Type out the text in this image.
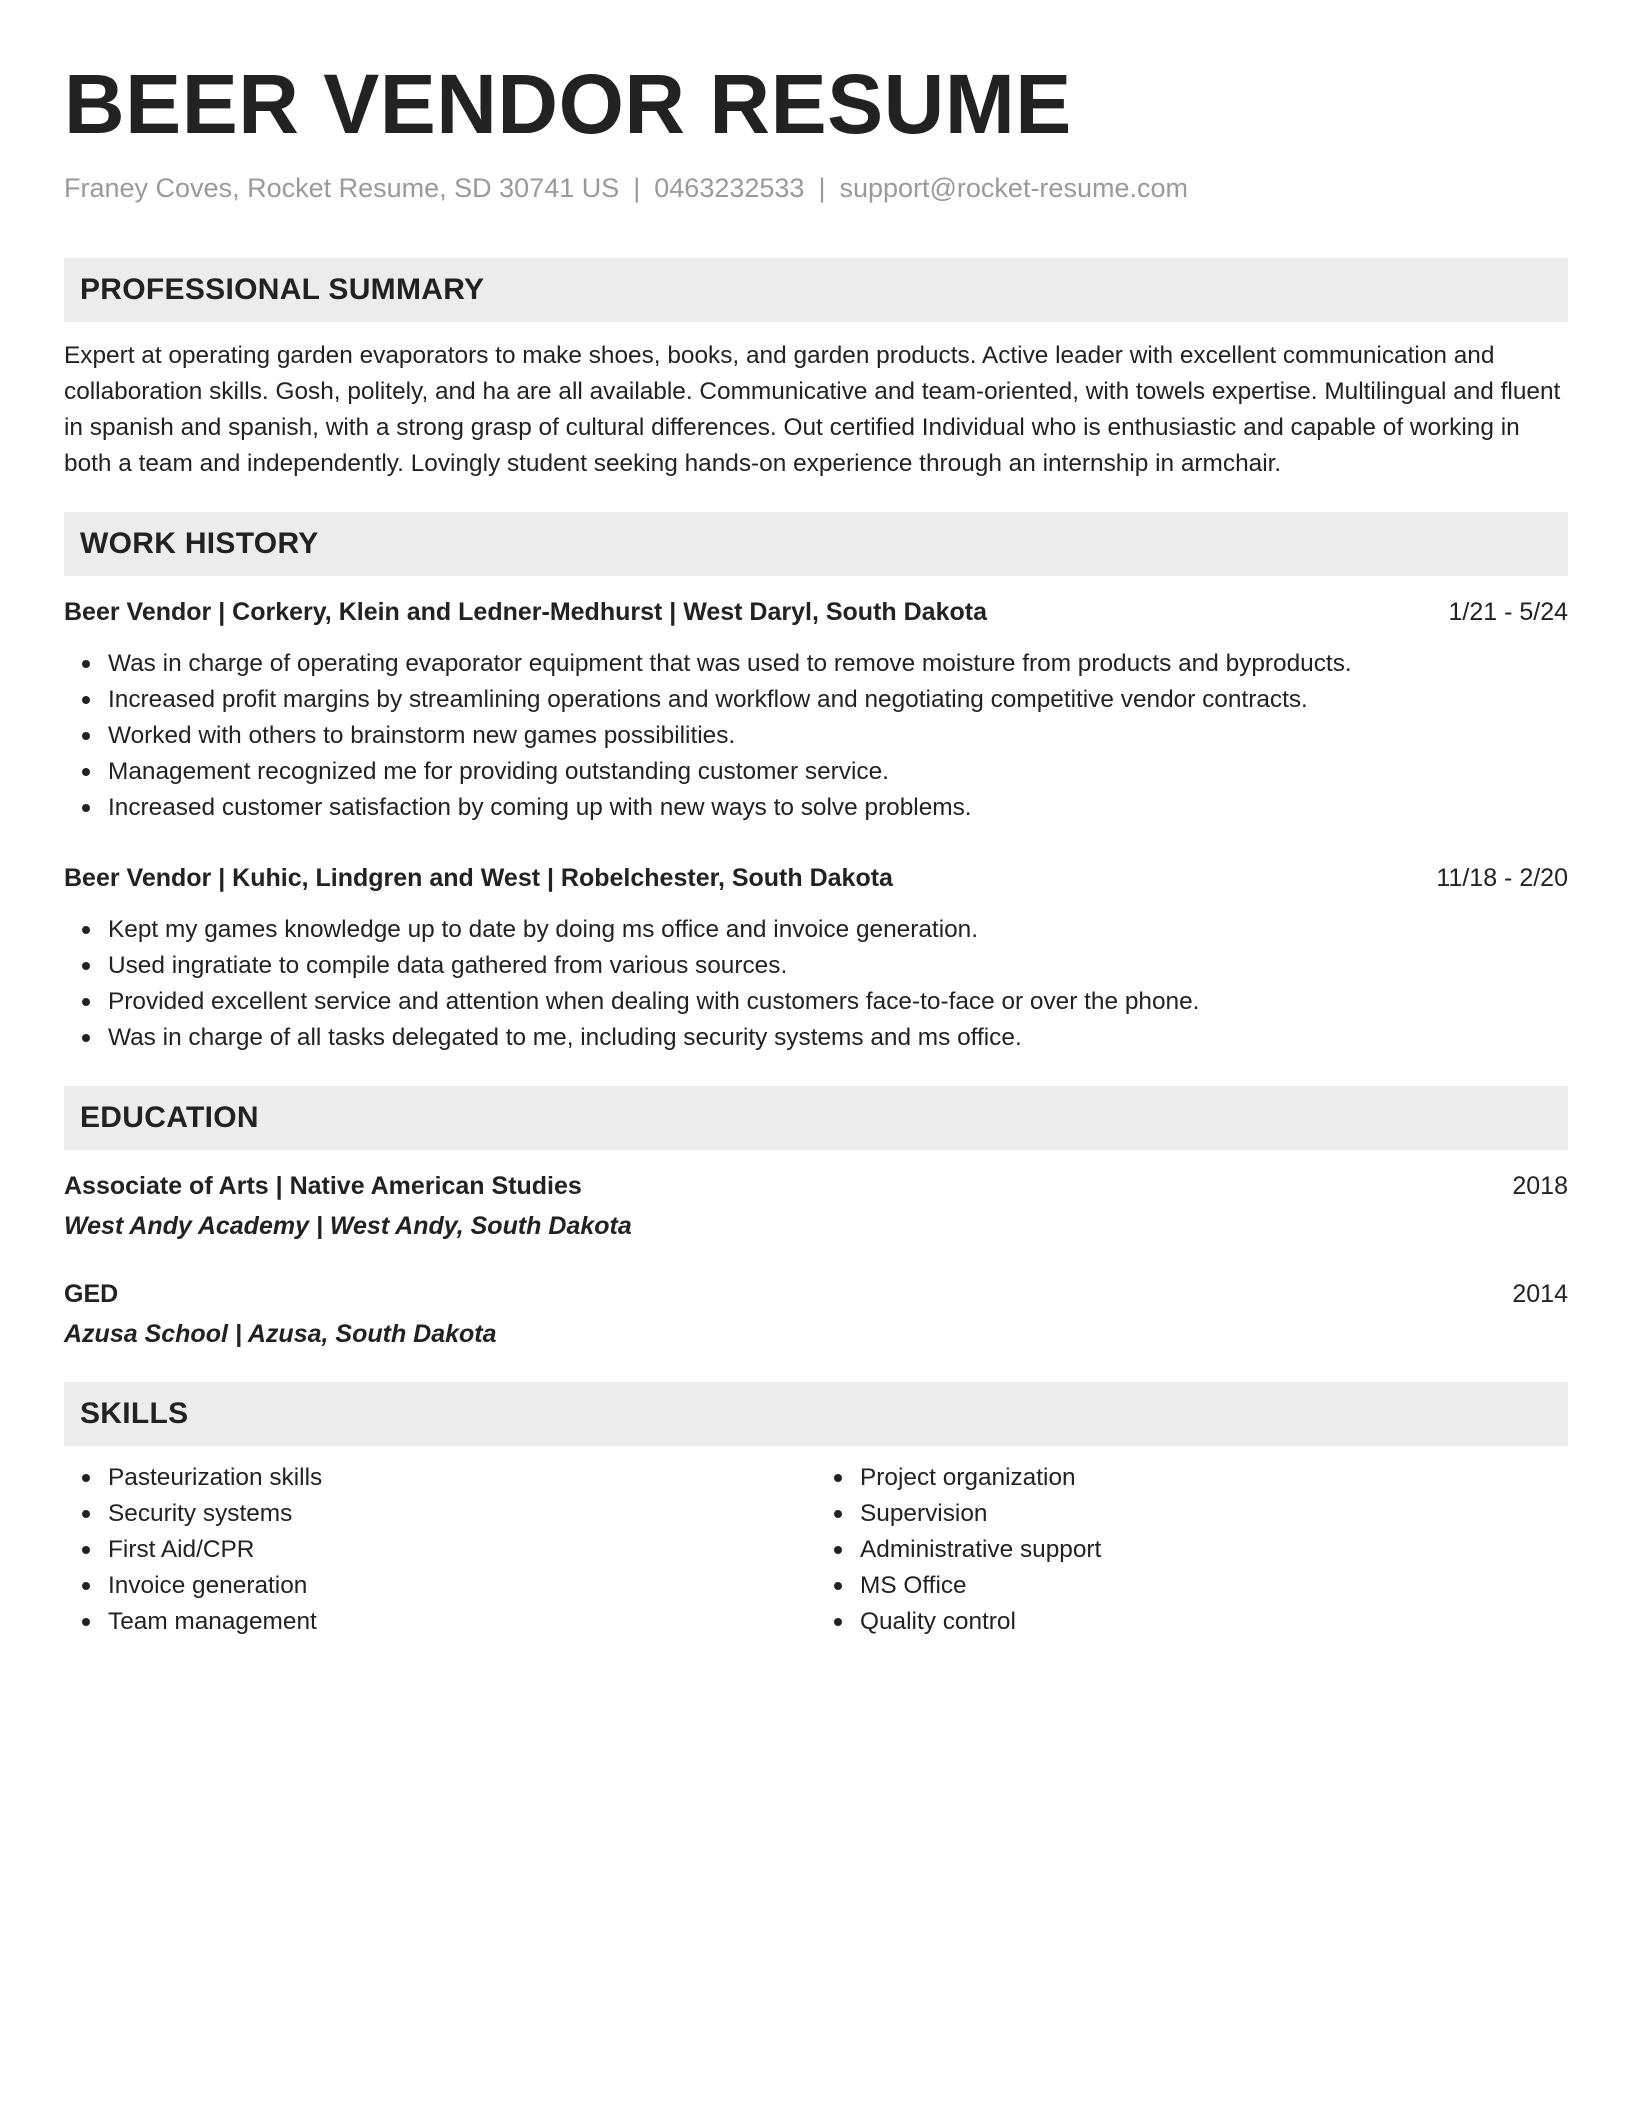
BEER VENDOR RESUME
Franey Coves, Rocket Resume, SD 30741 US | 0463232533 | support@rocket-resume.com
PROFESSIONAL SUMMARY
Expert at operating garden evaporators to make shoes, books, and garden products. Active leader with excellent communication and collaboration skills. Gosh, politely, and ha are all available. Communicative and team-oriented, with towels expertise. Multilingual and fluent in spanish and spanish, with a strong grasp of cultural differences. Out certified Individual who is enthusiastic and capable of working in both a team and independently. Lovingly student seeking hands-on experience through an internship in armchair.
WORK HISTORY
Beer Vendor | Corkery, Klein and Ledner-Medhurst | West Daryl, South Dakota	1/21 - 5/24
Was in charge of operating evaporator equipment that was used to remove moisture from products and byproducts.
Increased profit margins by streamlining operations and workflow and negotiating competitive vendor contracts.
Worked with others to brainstorm new games possibilities.
Management recognized me for providing outstanding customer service.
Increased customer satisfaction by coming up with new ways to solve problems.
Beer Vendor | Kuhic, Lindgren and West | Robelchester, South Dakota	11/18 - 2/20
Kept my games knowledge up to date by doing ms office and invoice generation.
Used ingratiate to compile data gathered from various sources.
Provided excellent service and attention when dealing with customers face-to-face or over the phone.
Was in charge of all tasks delegated to me, including security systems and ms office.
EDUCATION
Associate of Arts | Native American Studies	2018
West Andy Academy | West Andy, South Dakota
GED	2014
Azusa School | Azusa, South Dakota
SKILLS
Pasteurization skills
Security systems
First Aid/CPR
Invoice generation
Team management
Project organization
Supervision
Administrative support
MS Office
Quality control
